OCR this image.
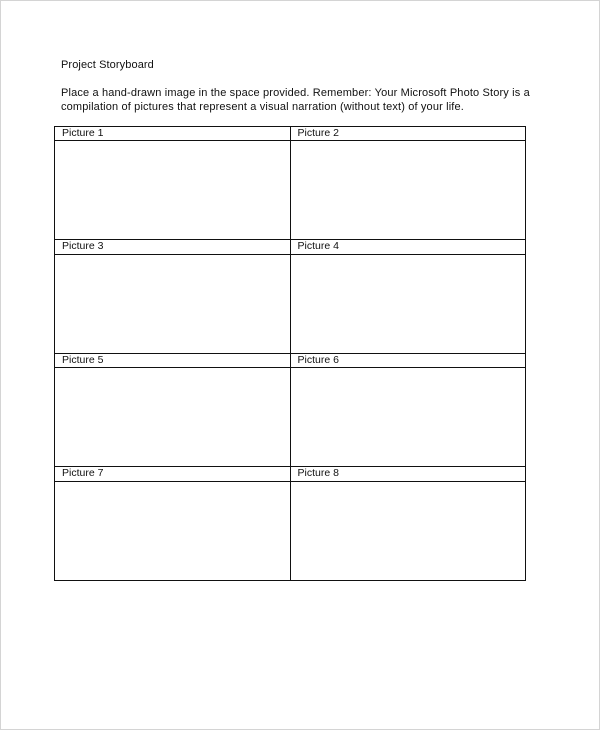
Project Storyboard
Place a hand-drawn image in the space provided. Remember: Your Microsoft Photo Story is a
compilation of pictures that represent a visual narration (without text) of your life.
Picture 1	Picture 2

Picture 3	Picture 4

Picture 5	Picture 6

Picture 7	Picture 8
